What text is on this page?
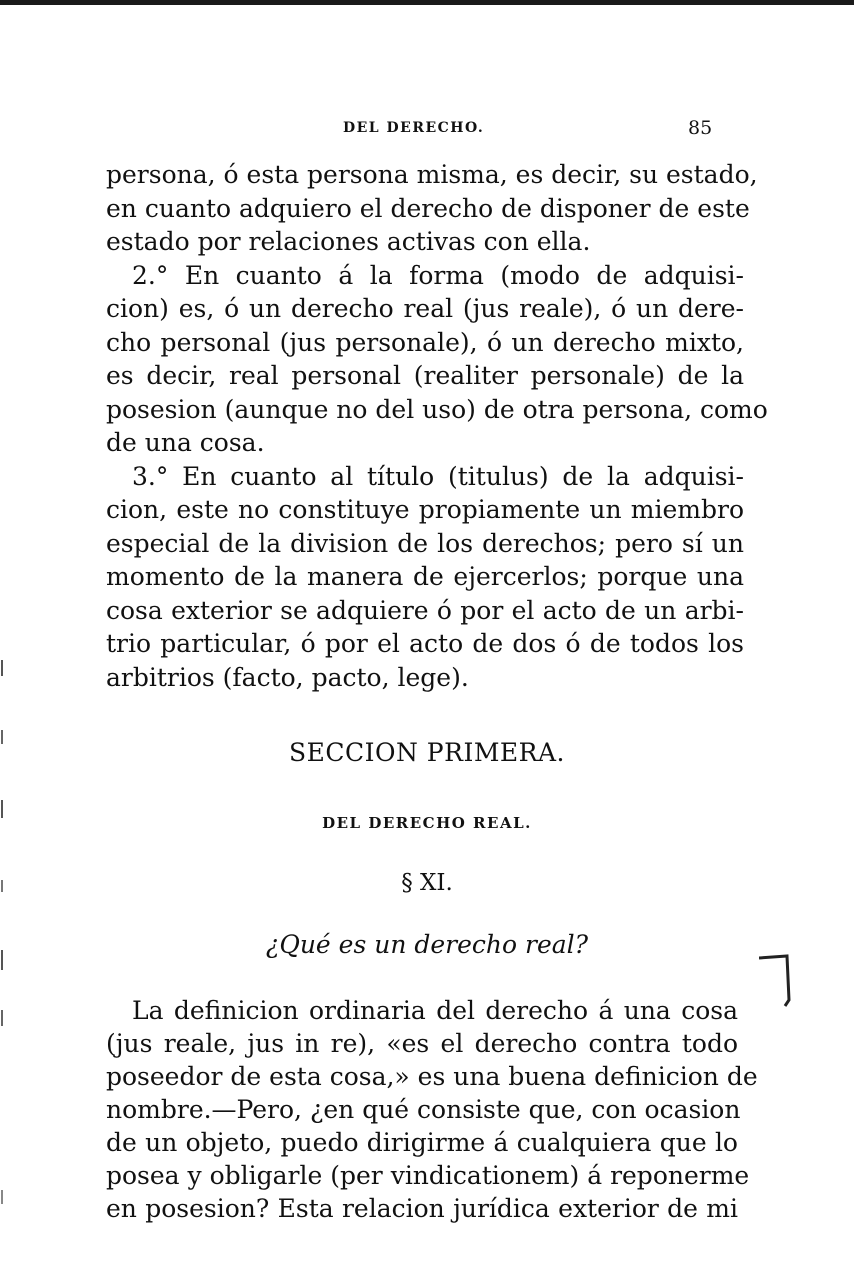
DEL DERECHO.	85
persona, ó esta persona misma, es decir, su estado,
en cuanto adquiero el derecho de disponer de este
estado por relaciones activas con ella.
2.° En cuanto á la forma (modo de adquisi-
cion) es, ó un derecho real (jus reale), ó un dere-
cho personal (jus personale), ó un derecho mixto,
es decir, real personal (realiter personale) de la
posesion (aunque no del uso) de otra persona, como
de una cosa.
3.° En cuanto al título (titulus) de la adquisi-
cion, este no constituye propiamente un miembro
especial de la division de los derechos; pero sí un
momento de la manera de ejercerlos; porque una
cosa exterior se adquiere ó por el acto de un arbi-
trio particular, ó por el acto de dos ó de todos los
arbitrios (facto, pacto, lege).
SECCION PRIMERA.
DEL DERECHO REAL.
§ XI.
¿Qué es un derecho real?
La definicion ordinaria del derecho á una cosa
(jus reale, jus in re), «es el derecho contra todo
poseedor de esta cosa,» es una buena definicion de
nombre.—Pero, ¿en qué consiste que, con ocasion
de un objeto, puedo dirigirme á cualquiera que lo
posea y obligarle (per vindicationem) á reponerme
en posesion? Esta relacion jurídica exterior de mi
